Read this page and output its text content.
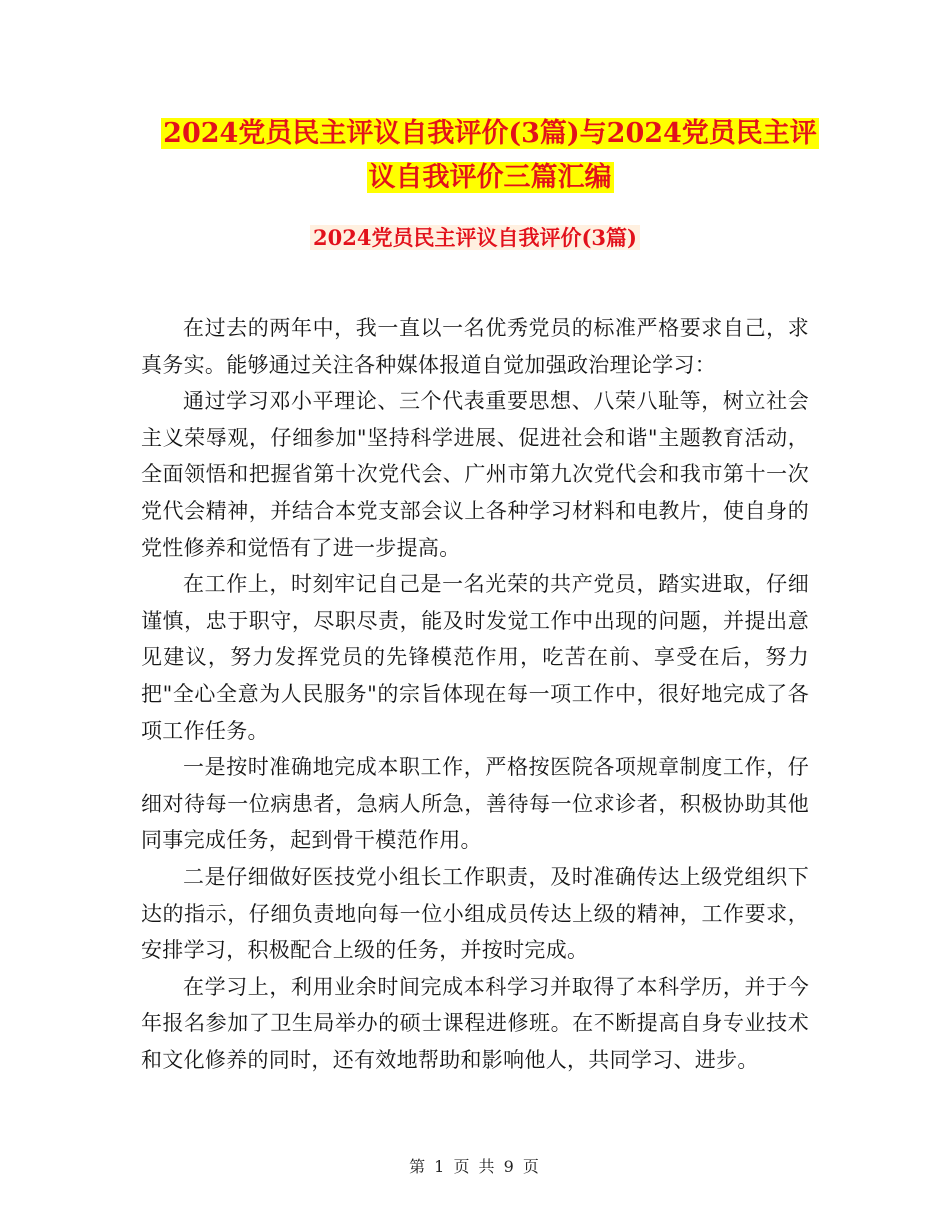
2024党员民主评议自我评价(3篇)与2024党员民主评
议自我评价三篇汇编
2024党员民主评议自我评价(3篇)

在过去的两年中，我一直以一名优秀党员的标准严格要求自己，求真务实。能够通过关注各种媒体报道自觉加强政治理论学习：

通过学习邓小平理论、三个代表重要思想、八荣八耻等，树立社会主义荣辱观，仔细参加"坚持科学进展、促进社会和谐"主题教育活动，全面领悟和把握省第十次党代会、广州市第九次党代会和我市第十一次党代会精神，并结合本党支部会议上各种学习材料和电教片，使自身的党性修养和觉悟有了进一步提高。

在工作上，时刻牢记自己是一名光荣的共产党员，踏实进取，仔细谨慎，忠于职守，尽职尽责，能及时发觉工作中出现的问题，并提出意见建议，努力发挥党员的先锋模范作用，吃苦在前、享受在后，努力把"全心全意为人民服务"的宗旨体现在每一项工作中，很好地完成了各项工作任务。

一是按时准确地完成本职工作，严格按医院各项规章制度工作，仔细对待每一位病患者，急病人所急，善待每一位求诊者，积极协助其他同事完成任务，起到骨干模范作用。

二是仔细做好医技党小组长工作职责，及时准确传达上级党组织下达的指示，仔细负责地向每一位小组成员传达上级的精神，工作要求，安排学习，积极配合上级的任务，并按时完成。

在学习上，利用业余时间完成本科学习并取得了本科学历，并于今年报名参加了卫生局举办的硕士课程进修班。在不断提高自身专业技术和文化修养的同时，还有效地帮助和影响他人，共同学习、进步。

第 1 页 共 9 页
